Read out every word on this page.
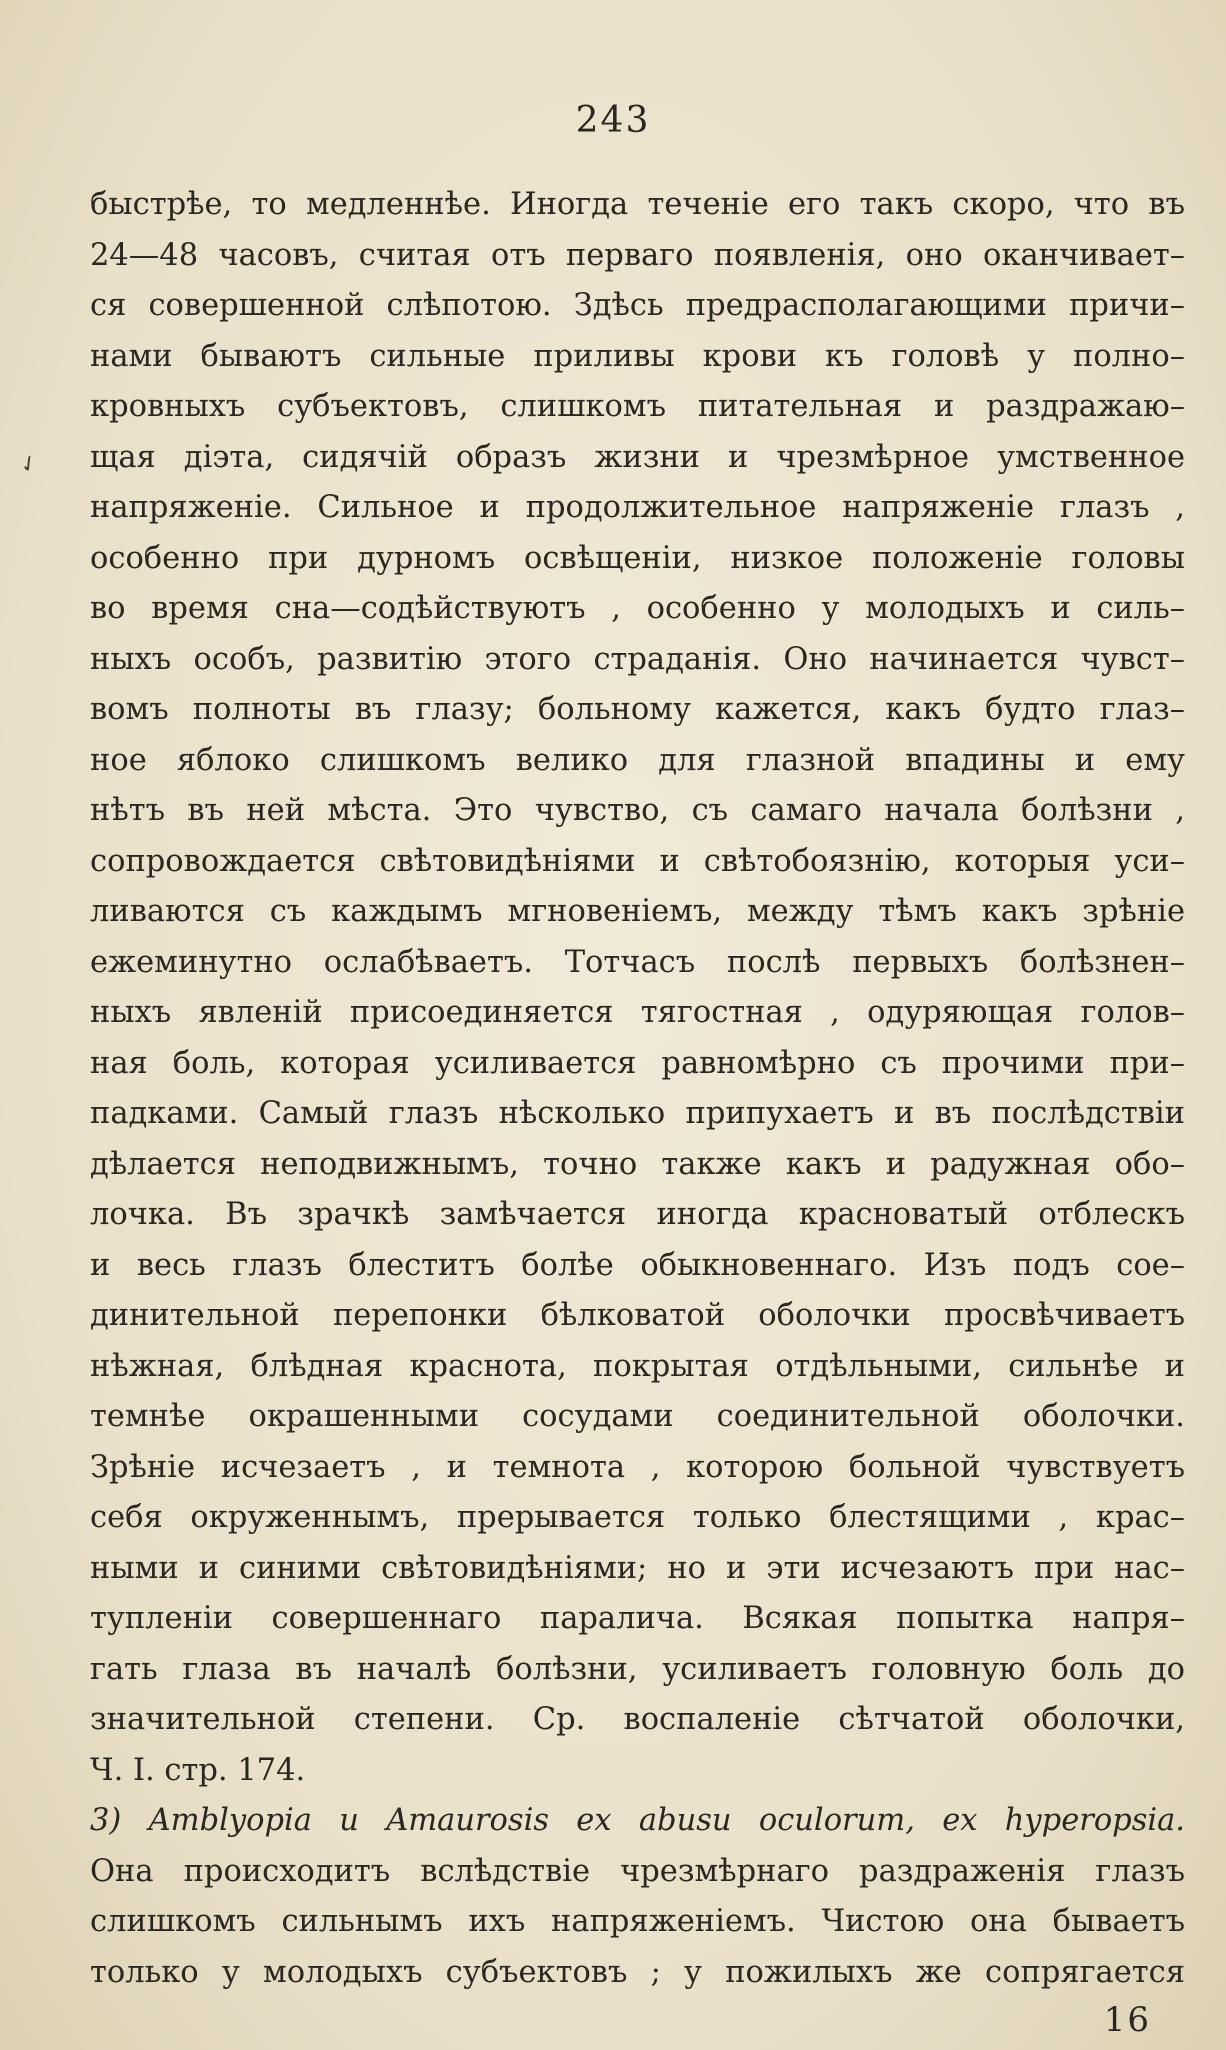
243
✓
быстрѣе, то медленнѣе. Иногда теченіе его такъ скоро, что въ
24—48 часовъ, считая отъ перваго появленія, оно оканчивает–
ся совершенной слѣпотою. Здѣсь предрасполагающими причи–
нами бываютъ сильные приливы крови къ головѣ у полно–
кровныхъ субъектовъ, слишкомъ питательная и раздражаю–
щая діэта, сидячій образъ жизни и чрезмѣрное умственное
напряженіе. Сильное и продолжительное напряженіе глазъ ,
особенно при дурномъ освѣщеніи, низкое положеніе головы
во время сна—содѣйствуютъ , особенно у молодыхъ и силь–
ныхъ особъ, развитію этого страданія. Оно начинается чувст–
вомъ полноты въ глазу; больному кажется, какъ будто глаз–
ное яблоко слишкомъ велико для глазной впадины и ему
нѣтъ въ ней мѣста. Это чувство, съ самаго начала болѣзни ,
сопровождается свѣтовидѣніями и свѣтобоязнію, которыя уси–
ливаются съ каждымъ мгновеніемъ, между тѣмъ какъ зрѣніе
ежеминутно ослабѣваетъ. Тотчасъ послѣ первыхъ болѣзнен–
ныхъ явленій присоединяется тягостная , одуряющая голов–
ная боль, которая усиливается равномѣрно съ прочими при–
падками. Самый глазъ нѣсколько припухаетъ и въ послѣдствіи
дѣлается неподвижнымъ, точно также какъ и радужная обо–
лочка. Въ зрачкѣ замѣчается иногда красноватый отблескъ
и весь глазъ блеститъ болѣе обыкновеннаго. Изъ подъ сое–
динительной перепонки бѣлковатой оболочки просвѣчиваетъ
нѣжная, блѣдная краснота, покрытая отдѣльными, сильнѣе и
темнѣе окрашенными сосудами соединительной оболочки.
Зрѣніе исчезаетъ , и темнота , которою больной чувствуетъ
себя окруженнымъ, прерывается только блестящими , крас–
ными и синими свѣтовидѣніями; но и эти исчезаютъ при нас–
тупленіи совершеннаго паралича. Всякая попытка напря–
гать глаза въ началѣ болѣзни, усиливаетъ головную боль до
значительной степени. Ср. воспаленіе сѣтчатой оболочки,
Ч. I. стр. 174.
3) Amblyopia и Amaurosis ex abusu oculorum, ex hyperopsia.
Она происходитъ вслѣдствіе чрезмѣрнаго раздраженія глазъ
слишкомъ сильнымъ ихъ напряженіемъ. Чистою она бываетъ
только у молодыхъ субъектовъ ; у пожилыхъ же сопрягается
16
